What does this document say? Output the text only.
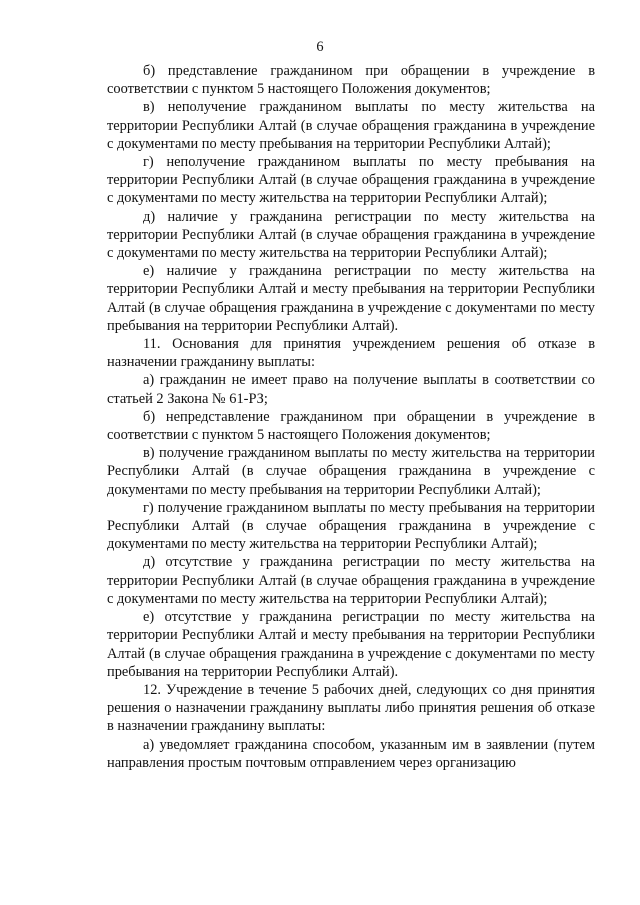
6

б) представление гражданином при обращении в учреждение в соответствии с пунктом 5 настоящего Положения документов;

в) неполучение гражданином выплаты по месту жительства на территории Республики Алтай (в случае обращения гражданина в учреждение с документами по месту пребывания на территории Республики Алтай);

г) неполучение гражданином выплаты по месту пребывания на территории Республики Алтай (в случае обращения гражданина в учреждение с документами по месту жительства на территории Республики Алтай);

д) наличие у гражданина регистрации по месту жительства на территории Республики Алтай (в случае обращения гражданина в учреждение с документами по месту жительства на территории Республики Алтай);

е) наличие у гражданина регистрации по месту жительства на территории Республики Алтай и месту пребывания на территории Республики Алтай (в случае обращения гражданина в учреждение с документами по месту пребывания на территории Республики Алтай).

11. Основания для принятия учреждением решения об отказе в назначении гражданину выплаты:

а) гражданин не имеет право на получение выплаты в соответствии со статьей 2 Закона № 61-РЗ;

б) непредставление гражданином при обращении в учреждение в соответствии с пунктом 5 настоящего Положения документов;

в) получение гражданином выплаты по месту жительства на территории Республики Алтай (в случае обращения гражданина в учреждение с документами по месту пребывания на территории Республики Алтай);

г) получение гражданином выплаты по месту пребывания на территории Республики Алтай (в случае обращения гражданина в учреждение с документами по месту жительства на территории Республики Алтай);

д) отсутствие у гражданина регистрации по месту жительства на территории Республики Алтай (в случае обращения гражданина в учреждение с документами по месту жительства на территории Республики Алтай);

е) отсутствие у гражданина регистрации по месту жительства на территории Республики Алтай и месту пребывания на территории Республики Алтай (в случае обращения гражданина в учреждение с документами по месту пребывания на территории Республики Алтай).

12. Учреждение в течение 5 рабочих дней, следующих со дня принятия решения о назначении гражданину выплаты либо принятия решения об отказе в назначении гражданину выплаты:

а) уведомляет гражданина способом, указанным им в заявлении (путем направления простым почтовым отправлением через организацию
